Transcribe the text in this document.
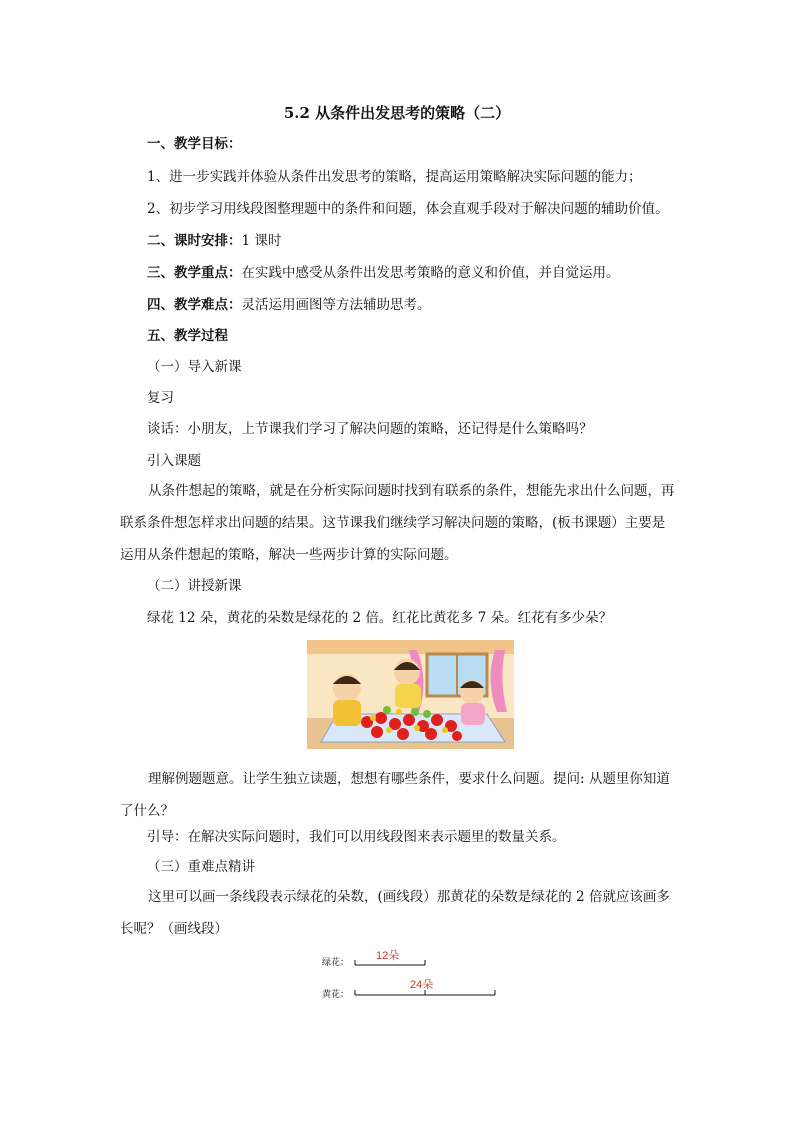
5.2 从条件出发思考的策略（二）
一、教学目标：
1、进一步实践并体验从条件出发思考的策略，提高运用策略解决实际问题的能力；
2、初步学习用线段图整理题中的条件和问题，体会直观手段对于解决问题的辅助价值。
二、课时安排：1 课时
三、教学重点：在实践中感受从条件出发思考策略的意义和价值，并自觉运用。
四、教学难点：灵活运用画图等方法辅助思考。
五、教学过程
（一）导入新课
复习
谈话：小朋友，上节课我们学习了解决问题的策略，还记得是什么策略吗？
引入课题
从条件想起的策略，就是在分析实际问题时找到有联系的条件，想能先求出什么问题，再联系条件想怎样求出问题的结果。这节课我们继续学习解决问题的策略，(板书课题）主要是运用从条件想起的策略，解决一些两步计算的实际问题。
（二）讲授新课
绿花 12 朵，黄花的朵数是绿花的 2 倍。红花比黄花多 7 朵。红花有多少朵？
理解例题题意。让学生独立读题，想想有哪些条件，要求什么问题。提问: 从题里你知道了什么？
引导：在解决实际问题时，我们可以用线段图来表示题里的数量关系。
（三）重难点精讲
这里可以画一条线段表示绿花的朵数，(画线段）那黄花的朵数是绿花的 2 倍就应该画多长呢？（画线段）
绿花： 12朵
黄花：
24朵
